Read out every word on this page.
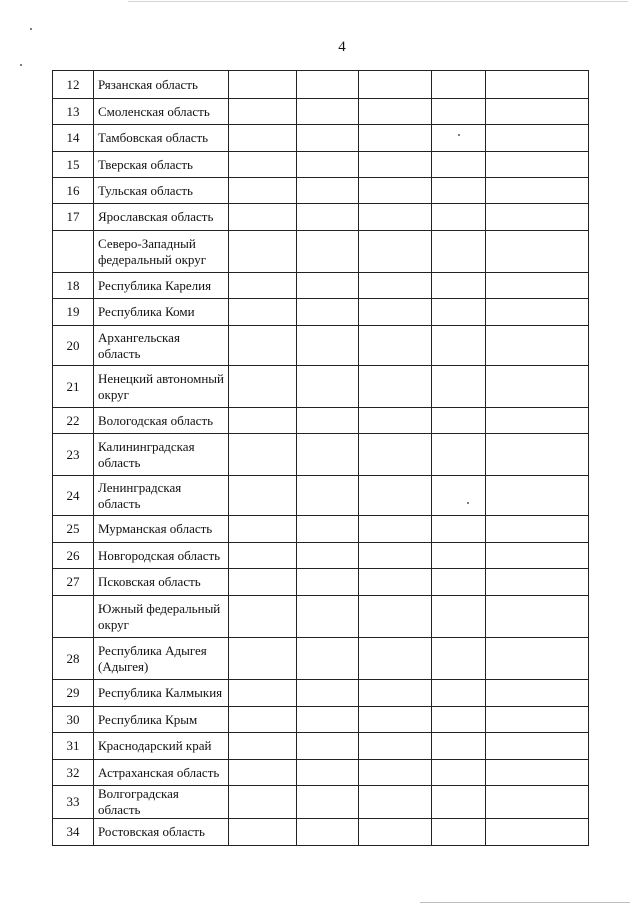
4
12	Рязанская область					
13	Смоленская область					
14	Тамбовская область					
15	Тверская область					
16	Тульская область					
17	Ярославская область					
	Северо-Западный федеральный округ					
18	Республика Карелия					
19	Республика Коми					
20	Архангельская область					
21	Ненецкий автономный округ					
22	Вологодская область					
23	Калининградская область					
24	Ленинградская область					
25	Мурманская область					
26	Новгородская область					
27	Псковская область					
	Южный федеральный округ					
28	Республика Адыгея (Адыгея)					
29	Республика Калмыкия					
30	Республика Крым					
31	Краснодарский край					
32	Астраханская область					
33	Волгоградская область					
34	Ростовская область					
